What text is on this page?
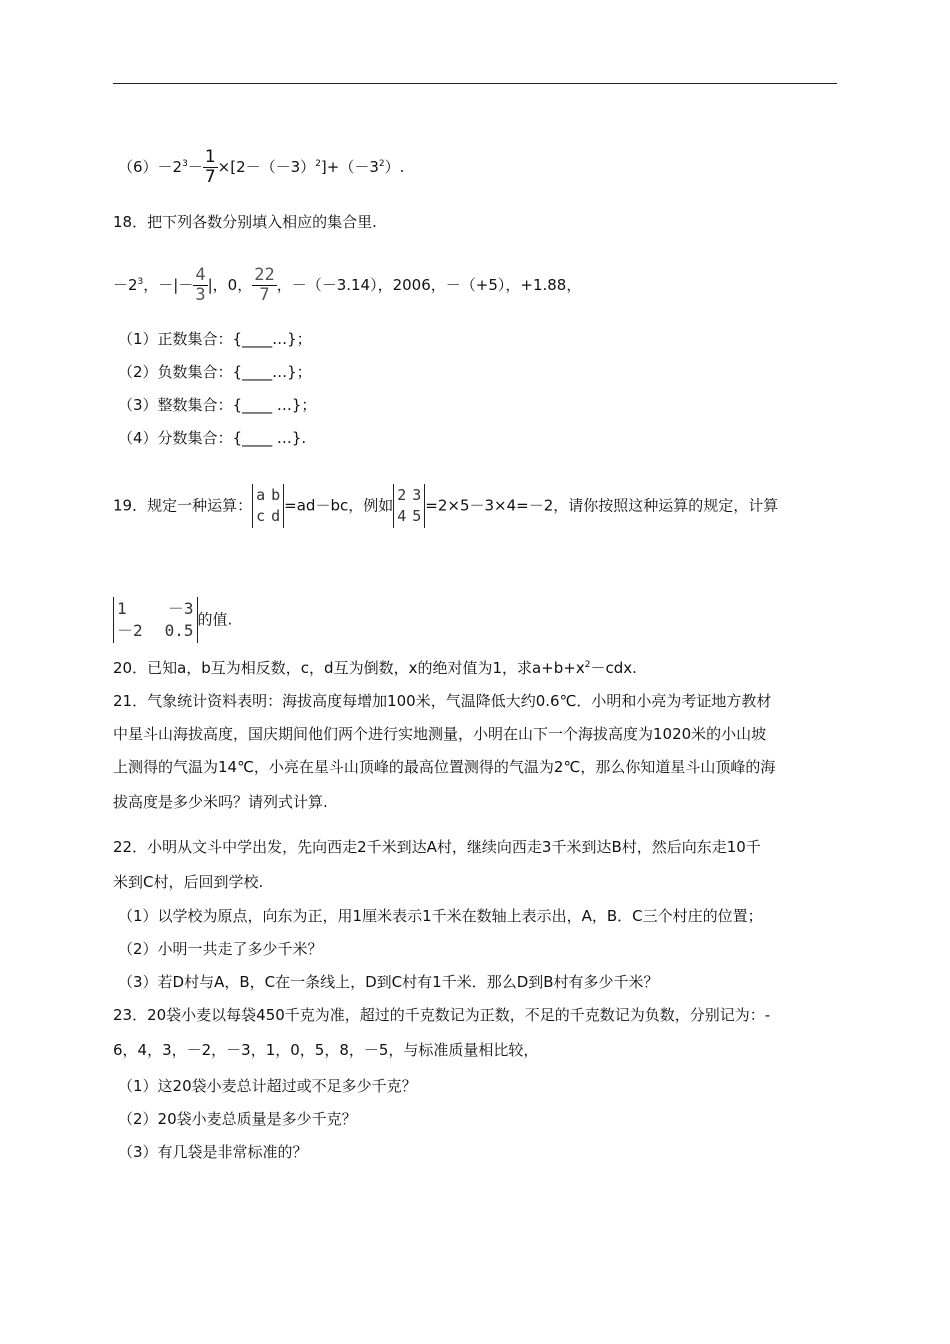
$(6)-2^3- \frac{1}{7} \times[2-(-3)^2]+(-3^2)$.
18．把下列各数分别填入相应的集合里.
$-2^3$，－|－ $\frac{4}{3}$ |，0， $\frac{22}{7}$ ，－（－3.14），2006，－（+5），+1.88，
（1）正数集合：{____…}；
（2）负数集合：{____…}；
（3）整数集合：{____ …}；
（4）分数集合：{____ …}.
19．规定一种运算：
a b
c d
=ad－bc，例如
2 3
4 5
=2×5－3×4=－2，请你按照这种运算的规定，计算
1	－3
－2 0.5
的值.
20．已知a，b互为相反数，c，d互为倒数，x的绝对值为1，求$a+b+x^2-cdx$.
21．气象统计资料表明：海拔高度每增加100米，气温降低大约0.6℃．小明和小亮为考证地方教材
中星斗山海拔高度，国庆期间他们两个进行实地测量，小明在山下一个海拔高度为1020米的小山坡
上测得的气温为14℃，小亮在星斗山顶峰的最高位置测得的气温为2℃，那么你知道星斗山顶峰的海
拔高度是多少米吗？请列式计算.
22．小明从文斗中学出发，先向西走2千米到达A村，继续向西走3千米到达B村，然后向东走10千
米到C村，后回到学校.
（1）以学校为原点，向东为正，用1厘米表示1千米在数轴上表示出，A，B．C三个村庄的位置；
（2）小明一共走了多少千米？
（3）若D村与A，B，C在一条线上，D到C村有1千米．那么D到B村有多少千米？
23．20袋小麦以每袋450千克为准，超过的千克数记为正数，不足的千克数记为负数，分别记为：-
6，4，3，－2，－3，1，0，5，8，－5，与标准质量相比较，
（1）这20袋小麦总计超过或不足多少千克？
（2）20袋小麦总质量是多少千克？
（3）有几袋是非常标准的？
